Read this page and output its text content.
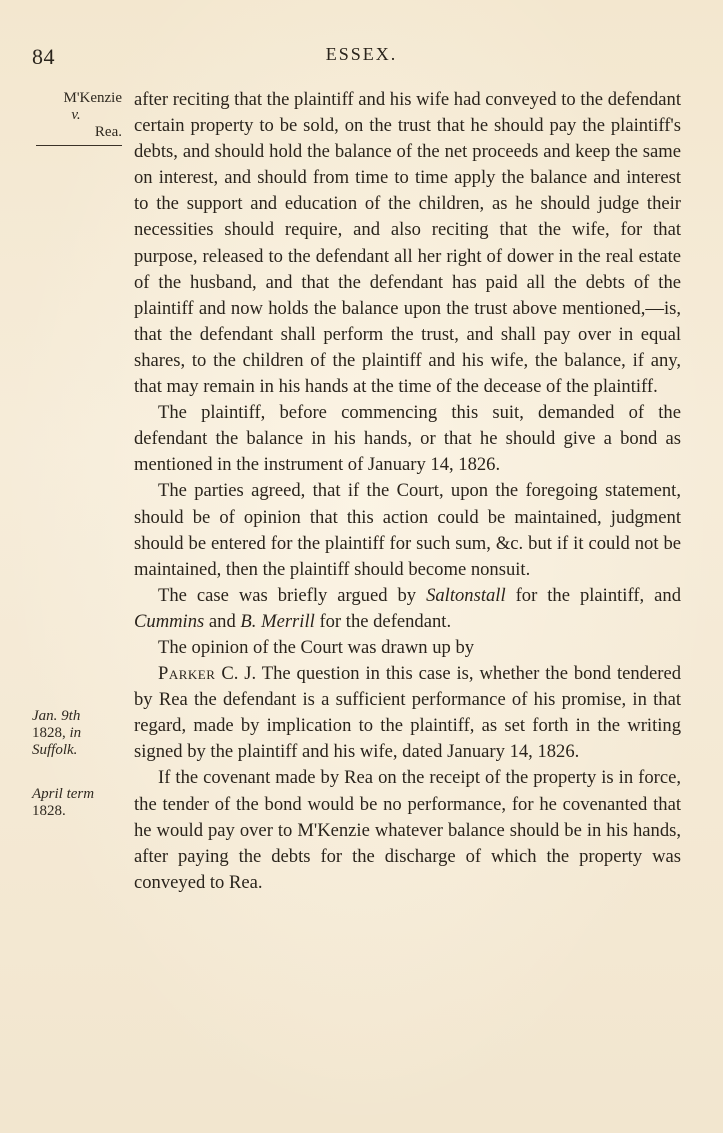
84	ESSEX.
M'Kenzie
v.
Rea.
Jan. 9th
1828, in
Suffolk.
April term
1828.

after reciting that the plaintiff and his wife had conveyed to the defendant certain property to be sold, on the trust that he should pay the plaintiff's debts, and should hold the balance of the net proceeds and keep the same on interest, and should from time to time apply the balance and interest to the support and education of the children, as he should judge their necessities should require, and also reciting that the wife, for that purpose, released to the defendant all her right of dower in the real estate of the husband, and that the defendant has paid all the debts of the plaintiff and now holds the balance upon the trust above mentioned,—is, that the defendant shall perform the trust, and shall pay over in equal shares, to the children of the plaintiff and his wife, the balance, if any, that may remain in his hands at the time of the decease of the plaintiff.

The plaintiff, before commencing this suit, demanded of the defendant the balance in his hands, or that he should give a bond as mentioned in the instrument of January 14, 1826.

The parties agreed, that if the Court, upon the foregoing statement, should be of opinion that this action could be maintained, judgment should be entered for the plaintiff for such sum, &c. but if it could not be maintained, then the plaintiff should become nonsuit.

The case was briefly argued by Saltonstall for the plaintiff, and Cummins and B. Merrill for the defendant.

The opinion of the Court was drawn up by

Parker C. J. The question in this case is, whether the bond tendered by Rea the defendant is a sufficient performance of his promise, in that regard, made by implication to the plaintiff, as set forth in the writing signed by the plaintiff and his wife, dated January 14, 1826.

If the covenant made by Rea on the receipt of the property is in force, the tender of the bond would be no performance, for he covenanted that he would pay over to M'Kenzie whatever balance should be in his hands, after paying the debts for the discharge of which the property was conveyed to Rea.
